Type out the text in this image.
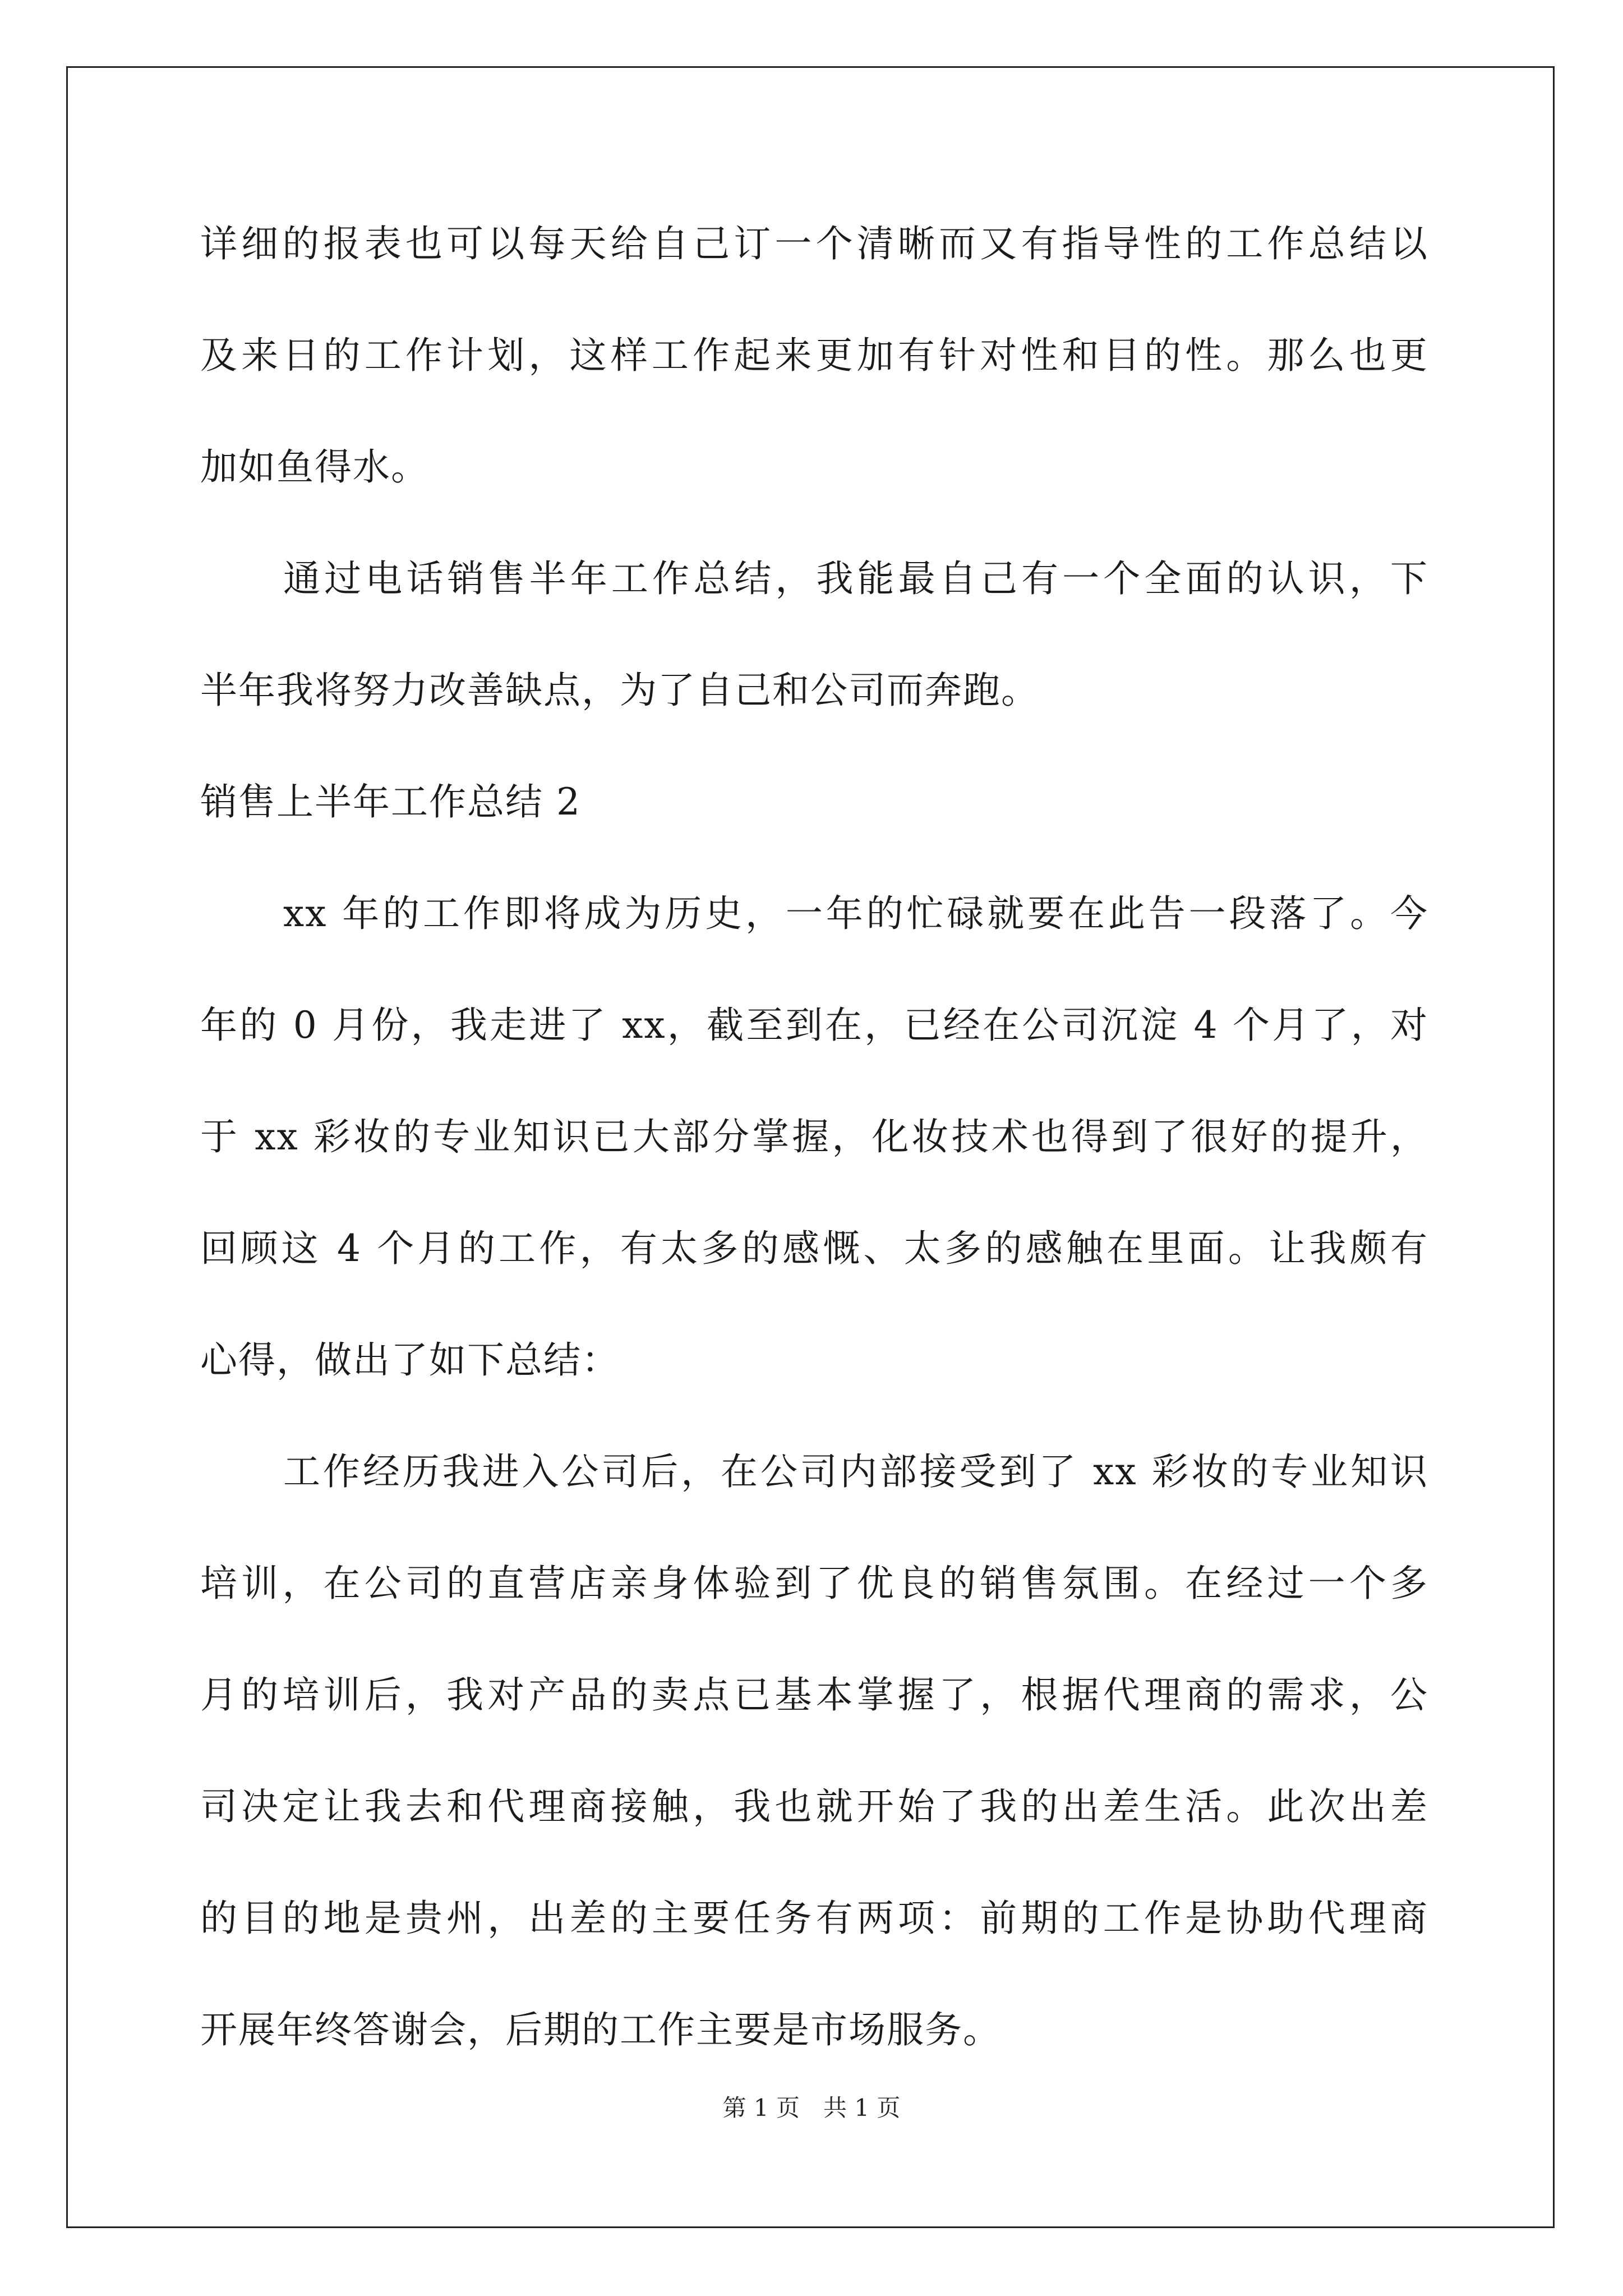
详细的报表也可以每天给自己订一个清晰而又有指导性的工作总结以
及来日的工作计划，这样工作起来更加有针对性和目的性。那么也更
加如鱼得水。
通过电话销售半年工作总结，我能最自己有一个全面的认识，下
半年我将努力改善缺点，为了自己和公司而奔跑。
销售上半年工作总结 2
xx 年的工作即将成为历史，一年的忙碌就要在此告一段落了。今
年的 0 月份，我走进了 xx，截至到在，已经在公司沉淀 4 个月了，对
于 xx 彩妆的专业知识已大部分掌握，化妆技术也得到了很好的提升，
回顾这 4 个月的工作，有太多的感慨、太多的感触在里面。让我颇有
心得，做出了如下总结：
工作经历我进入公司后，在公司内部接受到了 xx 彩妆的专业知识
培训，在公司的直营店亲身体验到了优良的销售氛围。在经过一个多
月的培训后，我对产品的卖点已基本掌握了，根据代理商的需求，公
司决定让我去和代理商接触，我也就开始了我的出差生活。此次出差
的目的地是贵州，出差的主要任务有两项：前期的工作是协助代理商
开展年终答谢会，后期的工作主要是市场服务。
第 1 页　共 1 页
